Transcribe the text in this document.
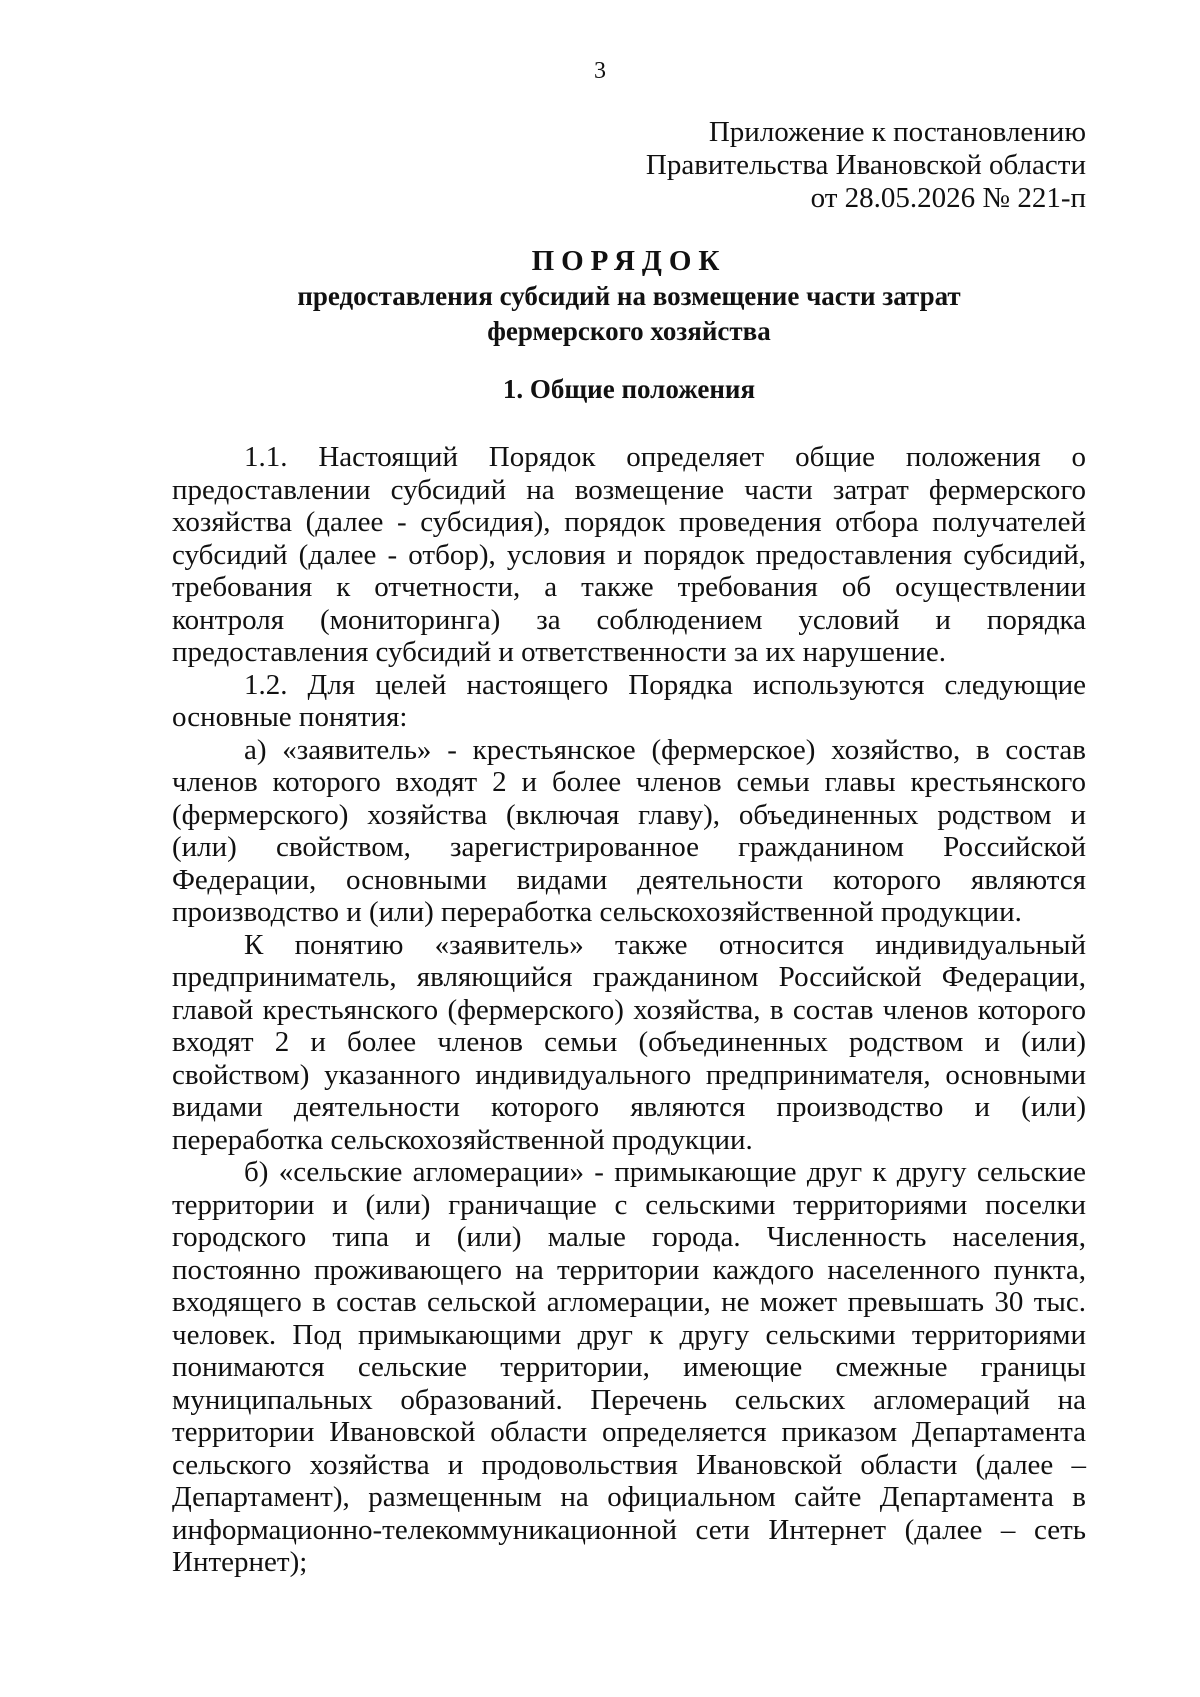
3
Приложение к постановлению
Правительства Ивановской области
от 28.05.2026 № 221-п
ПОРЯДОК
предоставления субсидий на возмещение части затрат
фермерского хозяйства
1. Общие положения

1.1. Настоящий Порядок определяет общие положения о предоставлении субсидий на возмещение части затрат фермерского хозяйства (далее - субсидия), порядок проведения отбора получателей субсидий (далее - отбор), условия и порядок предоставления субсидий, требования к отчетности, а также требования об осуществлении контроля (мониторинга) за соблюдением условий и порядка предоставления субсидий и ответственности за их нарушение.

1.2. Для целей настоящего Порядка используются следующие основные понятия:

а) «заявитель» - крестьянское (фермерское) хозяйство, в состав членов которого входят 2 и более членов семьи главы крестьянского (фермерского) хозяйства (включая главу), объединенных родством и (или) свойством, зарегистрированное гражданином Российской Федерации, основными видами деятельности которого являются производство и (или) переработка сельскохозяйственной продукции.

К понятию «заявитель» также относится индивидуальный предприниматель, являющийся гражданином Российской Федерации, главой крестьянского (фермерского) хозяйства, в состав членов которого входят 2 и более членов семьи (объединенных родством и (или) свойством) указанного индивидуального предпринимателя, основными видами деятельности которого являются производство и (или) переработка сельскохозяйственной продукции.

б) «сельские агломерации» - примыкающие друг к другу сельские территории и (или) граничащие с сельскими территориями поселки городского типа и (или) малые города. Численность населения, постоянно проживающего на территории каждого населенного пункта, входящего в состав сельской агломерации, не может превышать 30 тыс. человек. Под примыкающими друг к другу сельскими территориями понимаются сельские территории, имеющие смежные границы муниципальных образований. Перечень сельских агломераций на территории Ивановской области определяется приказом Департамента сельского хозяйства и продовольствия Ивановской области (далее – Департамент), размещенным на официальном сайте Департамента в информационно-телекоммуникационной сети Интернет (далее – сеть Интернет);
